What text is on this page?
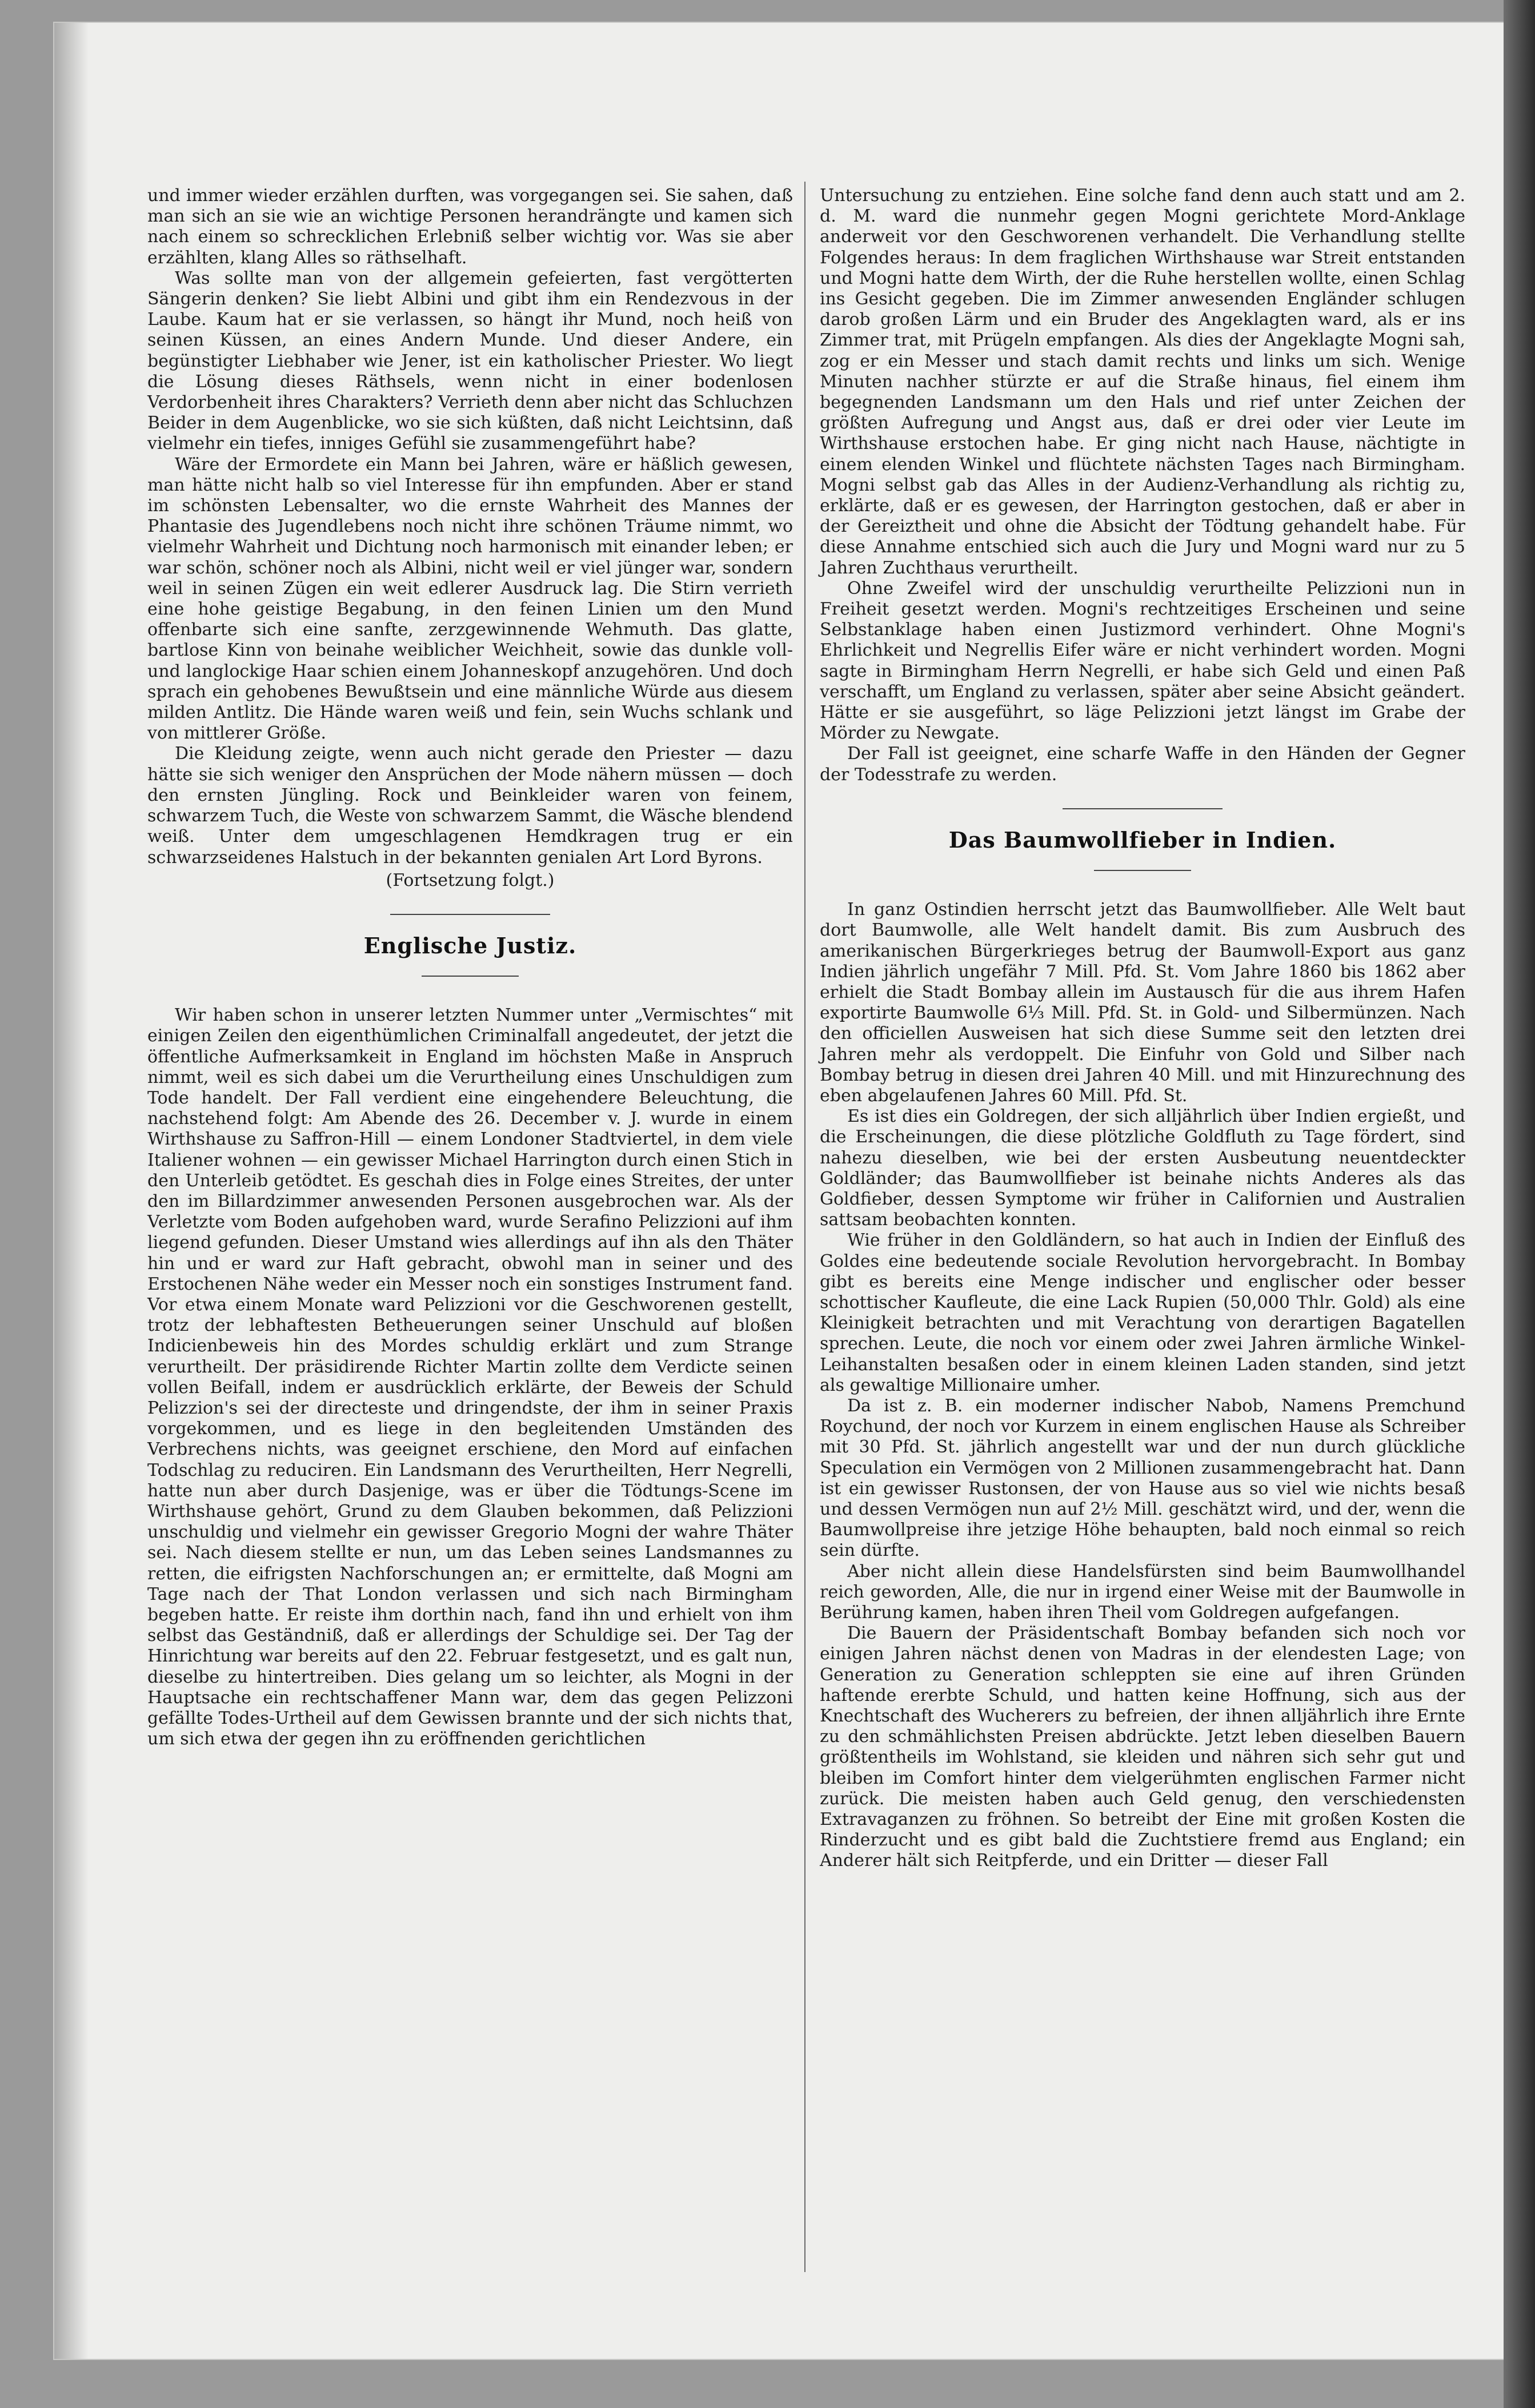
und immer wieder erzählen durften, was vorgegangen sei. Sie sahen, daß man sich an sie wie an wichtige Personen herandrängte und kamen sich nach einem so schrecklichen Erlebniß selber wichtig vor. Was sie aber erzählten, klang Alles so räthselhaft.

Was sollte man von der allgemein gefeierten, fast vergötterten Sängerin denken? Sie liebt Albini und gibt ihm ein Rendezvous in der Laube. Kaum hat er sie verlassen, so hängt ihr Mund, noch heiß von seinen Küssen, an eines Andern Munde. Und dieser Andere, ein begünstigter Liebhaber wie Jener, ist ein katholischer Priester. Wo liegt die Lösung dieses Räthsels, wenn nicht in einer bodenlosen Verdorbenheit ihres Charakters? Verrieth denn aber nicht das Schluchzen Beider in dem Augenblicke, wo sie sich küßten, daß nicht Leichtsinn, daß vielmehr ein tiefes, inniges Gefühl sie zusammengeführt habe?

Wäre der Ermordete ein Mann bei Jahren, wäre er häßlich gewesen, man hätte nicht halb so viel Interesse für ihn empfunden. Aber er stand im schönsten Lebensalter, wo die ernste Wahrheit des Mannes der Phantasie des Jugendlebens noch nicht ihre schönen Träume nimmt, wo vielmehr Wahrheit und Dichtung noch harmonisch mit einander leben; er war schön, schöner noch als Albini, nicht weil er viel jünger war, sondern weil in seinen Zügen ein weit edlerer Ausdruck lag. Die Stirn verrieth eine hohe geistige Begabung, in den feinen Linien um den Mund offenbarte sich eine sanfte, zerzgewinnende Wehmuth. Das glatte, bartlose Kinn von beinahe weiblicher Weichheit, sowie das dunkle voll- und langlockige Haar schien einem Johanneskopf anzugehören. Und doch sprach ein gehobenes Bewußtsein und eine männliche Würde aus diesem milden Antlitz. Die Hände waren weiß und fein, sein Wuchs schlank und von mittlerer Größe.

Die Kleidung zeigte, wenn auch nicht gerade den Priester — dazu hätte sie sich weniger den Ansprüchen der Mode nähern müssen — doch den ernsten Jüngling. Rock und Beinkleider waren von feinem, schwarzem Tuch, die Weste von schwarzem Sammt, die Wäsche blendend weiß. Unter dem umgeschlagenen Hemdkragen trug er ein schwarzseidenes Halstuch in der bekannten genialen Art Lord Byrons.

(Fortsetzung folgt.)

Englische Justiz.

Wir haben schon in unserer letzten Nummer unter „Vermischtes“ mit einigen Zeilen den eigenthümlichen Criminalfall angedeutet, der jetzt die öffentliche Aufmerksamkeit in England im höchsten Maße in Anspruch nimmt, weil es sich dabei um die Verurtheilung eines Unschuldigen zum Tode handelt. Der Fall verdient eine eingehendere Beleuchtung, die nachstehend folgt: Am Abende des 26. December v. J. wurde in einem Wirthshause zu Saffron-Hill — einem Londoner Stadtviertel, in dem viele Italiener wohnen — ein gewisser Michael Harrington durch einen Stich in den Unterleib getödtet. Es geschah dies in Folge eines Streites, der unter den im Billardzimmer anwesenden Personen ausgebrochen war. Als der Verletzte vom Boden aufgehoben ward, wurde Serafino Pelizzioni auf ihm liegend gefunden. Dieser Umstand wies allerdings auf ihn als den Thäter hin und er ward zur Haft gebracht, obwohl man in seiner und des Erstochenen Nähe weder ein Messer noch ein sonstiges Instrument fand. Vor etwa einem Monate ward Pelizzioni vor die Geschworenen gestellt, trotz der lebhaftesten Betheuerungen seiner Unschuld auf bloßen Indicienbeweis hin des Mordes schuldig erklärt und zum Strange verurtheilt. Der präsidirende Richter Martin zollte dem Verdicte seinen vollen Beifall, indem er ausdrücklich erklärte, der Beweis der Schuld Pelizzion's sei der directeste und dringendste, der ihm in seiner Praxis vorgekommen, und es liege in den begleitenden Umständen des Verbrechens nichts, was geeignet erschiene, den Mord auf einfachen Todschlag zu reduciren. Ein Landsmann des Verurtheilten, Herr Negrelli, hatte nun aber durch Dasjenige, was er über die Tödtungs-Scene im Wirthshause gehört, Grund zu dem Glauben bekommen, daß Pelizzioni unschuldig und vielmehr ein gewisser Gregorio Mogni der wahre Thäter sei. Nach diesem stellte er nun, um das Leben seines Landsmannes zu retten, die eifrigsten Nachforschungen an; er ermittelte, daß Mogni am Tage nach der That London verlassen und sich nach Birmingham begeben hatte. Er reiste ihm dorthin nach, fand ihn und erhielt von ihm selbst das Geständniß, daß er allerdings der Schuldige sei. Der Tag der Hinrichtung war bereits auf den 22. Februar festgesetzt, und es galt nun, dieselbe zu hintertreiben. Dies gelang um so leichter, als Mogni in der Hauptsache ein rechtschaffener Mann war, dem das gegen Pelizzoni gefällte Todes-Urtheil auf dem Gewissen brannte und der sich nichts that, um sich etwa der gegen ihn zu eröffnenden gerichtlichen

Untersuchung zu entziehen. Eine solche fand denn auch statt und am 2. d. M. ward die nunmehr gegen Mogni gerichtete Mord-Anklage anderweit vor den Geschworenen verhandelt. Die Verhandlung stellte Folgendes heraus: In dem fraglichen Wirthshause war Streit entstanden und Mogni hatte dem Wirth, der die Ruhe herstellen wollte, einen Schlag ins Gesicht gegeben. Die im Zimmer anwesenden Engländer schlugen darob großen Lärm und ein Bruder des Angeklagten ward, als er ins Zimmer trat, mit Prügeln empfangen. Als dies der Angeklagte Mogni sah, zog er ein Messer und stach damit rechts und links um sich. Wenige Minuten nachher stürzte er auf die Straße hinaus, fiel einem ihm begegnenden Landsmann um den Hals und rief unter Zeichen der größten Aufregung und Angst aus, daß er drei oder vier Leute im Wirthshause erstochen habe. Er ging nicht nach Hause, nächtigte in einem elenden Winkel und flüchtete nächsten Tages nach Birmingham. Mogni selbst gab das Alles in der Audienz-Verhandlung als richtig zu, erklärte, daß er es gewesen, der Harrington gestochen, daß er aber in der Gereiztheit und ohne die Absicht der Tödtung gehandelt habe. Für diese Annahme entschied sich auch die Jury und Mogni ward nur zu 5 Jahren Zuchthaus verurtheilt.

Ohne Zweifel wird der unschuldig verurtheilte Pelizzioni nun in Freiheit gesetzt werden. Mogni's rechtzeitiges Erscheinen und seine Selbstanklage haben einen Justizmord verhindert. Ohne Mogni's Ehrlichkeit und Negrellis Eifer wäre er nicht verhindert worden. Mogni sagte in Birmingham Herrn Negrelli, er habe sich Geld und einen Paß verschafft, um England zu verlassen, später aber seine Absicht geändert. Hätte er sie ausgeführt, so läge Pelizzioni jetzt längst im Grabe der Mörder zu Newgate.

Der Fall ist geeignet, eine scharfe Waffe in den Händen der Gegner der Todesstrafe zu werden.

Das Baumwollfieber in Indien.

In ganz Ostindien herrscht jetzt das Baumwollfieber. Alle Welt baut dort Baumwolle, alle Welt handelt damit. Bis zum Ausbruch des amerikanischen Bürgerkrieges betrug der Baumwoll-Export aus ganz Indien jährlich ungefähr 7 Mill. Pfd. St. Vom Jahre 1860 bis 1862 aber erhielt die Stadt Bombay allein im Austausch für die aus ihrem Hafen exportirte Baumwolle 6⅓ Mill. Pfd. St. in Gold- und Silbermünzen. Nach den officiellen Ausweisen hat sich diese Summe seit den letzten drei Jahren mehr als verdoppelt. Die Einfuhr von Gold und Silber nach Bombay betrug in diesen drei Jahren 40 Mill. und mit Hinzurechnung des eben abgelaufenen Jahres 60 Mill. Pfd. St.

Es ist dies ein Goldregen, der sich alljährlich über Indien ergießt, und die Erscheinungen, die diese plötzliche Goldfluth zu Tage fördert, sind nahezu dieselben, wie bei der ersten Ausbeutung neuentdeckter Goldländer; das Baumwollfieber ist beinahe nichts Anderes als das Goldfieber, dessen Symptome wir früher in Californien und Australien sattsam beobachten konnten.

Wie früher in den Goldländern, so hat auch in Indien der Einfluß des Goldes eine bedeutende sociale Revolution hervorgebracht. In Bombay gibt es bereits eine Menge indischer und englischer oder besser schottischer Kaufleute, die eine Lack Rupien (50,000 Thlr. Gold) als eine Kleinigkeit betrachten und mit Verachtung von derartigen Bagatellen sprechen. Leute, die noch vor einem oder zwei Jahren ärmliche Winkel-Leihanstalten besaßen oder in einem kleinen Laden standen, sind jetzt als gewaltige Millionaire umher.

Da ist z. B. ein moderner indischer Nabob, Namens Premchund Roychund, der noch vor Kurzem in einem englischen Hause als Schreiber mit 30 Pfd. St. jährlich angestellt war und der nun durch glückliche Speculation ein Vermögen von 2 Millionen zusammengebracht hat. Dann ist ein gewisser Rustonsen, der von Hause aus so viel wie nichts besaß und dessen Vermögen nun auf 2½ Mill. geschätzt wird, und der, wenn die Baumwollpreise ihre jetzige Höhe behaupten, bald noch einmal so reich sein dürfte.

Aber nicht allein diese Handelsfürsten sind beim Baumwollhandel reich geworden, Alle, die nur in irgend einer Weise mit der Baumwolle in Berührung kamen, haben ihren Theil vom Goldregen aufgefangen.

Die Bauern der Präsidentschaft Bombay befanden sich noch vor einigen Jahren nächst denen von Madras in der elendesten Lage; von Generation zu Generation schleppten sie eine auf ihren Gründen haftende ererbte Schuld, und hatten keine Hoffnung, sich aus der Knechtschaft des Wucherers zu befreien, der ihnen alljährlich ihre Ernte zu den schmählichsten Preisen abdrückte. Jetzt leben dieselben Bauern größtentheils im Wohlstand, sie kleiden und nähren sich sehr gut und bleiben im Comfort hinter dem vielgerühmten englischen Farmer nicht zurück. Die meisten haben auch Geld genug, den verschiedensten Extravaganzen zu fröhnen. So betreibt der Eine mit großen Kosten die Rinderzucht und es gibt bald die Zuchtstiere fremd aus England; ein Anderer hält sich Reitpferde, und ein Dritter — dieser Fall
